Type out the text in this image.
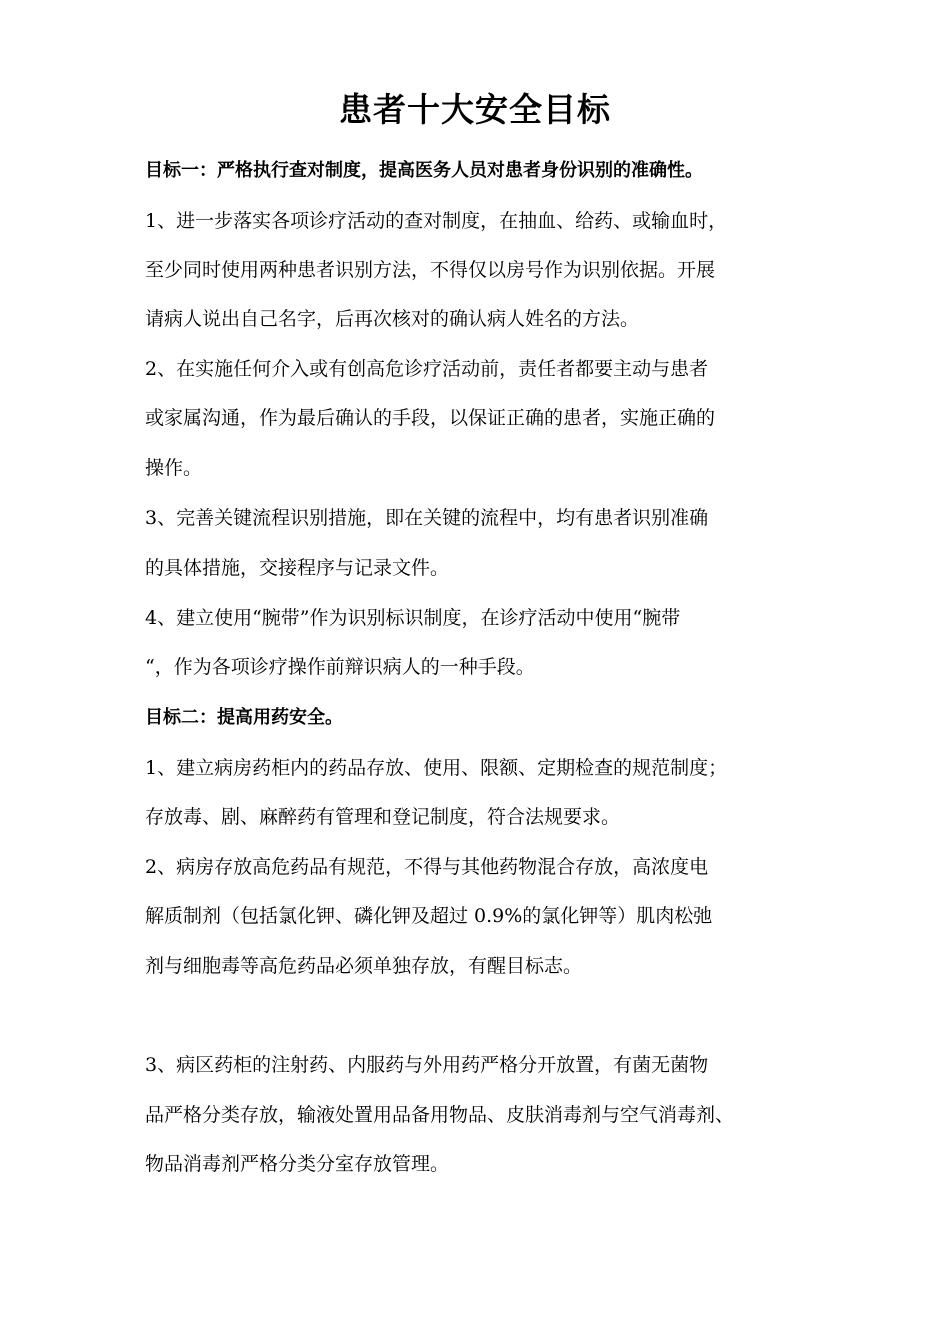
患者十大安全目标
目标一：严格执行查对制度，提高医务人员对患者身份识别的准确性。
1、进一步落实各项诊疗活动的查对制度，在抽血、给药、或输血时，
至少同时使用两种患者识别方法，不得仅以房号作为识别依据。开展
请病人说出自己名字，后再次核对的确认病人姓名的方法。
2、在实施任何介入或有创高危诊疗活动前，责任者都要主动与患者
或家属沟通，作为最后确认的手段，以保证正确的患者，实施正确的
操作。
3、完善关键流程识别措施，即在关键的流程中，均有患者识别准确
的具体措施，交接程序与记录文件。
4、建立使用“腕带”作为识别标识制度，在诊疗活动中使用“腕带
“，作为各项诊疗操作前辩识病人的一种手段。
目标二：提高用药安全。
1、建立病房药柜内的药品存放、使用、限额、定期检查的规范制度；
存放毒、剧、麻醉药有管理和登记制度，符合法规要求。
2、病房存放高危药品有规范，不得与其他药物混合存放，高浓度电
解质制剂（包括氯化钾、磷化钾及超过 0.9%的氯化钾等）肌肉松弛
剂与细胞毒等高危药品必须单独存放，有醒目标志。
3、病区药柜的注射药、内服药与外用药严格分开放置，有菌无菌物
品严格分类存放，输液处置用品备用物品、皮肤消毒剂与空气消毒剂、
物品消毒剂严格分类分室存放管理。
